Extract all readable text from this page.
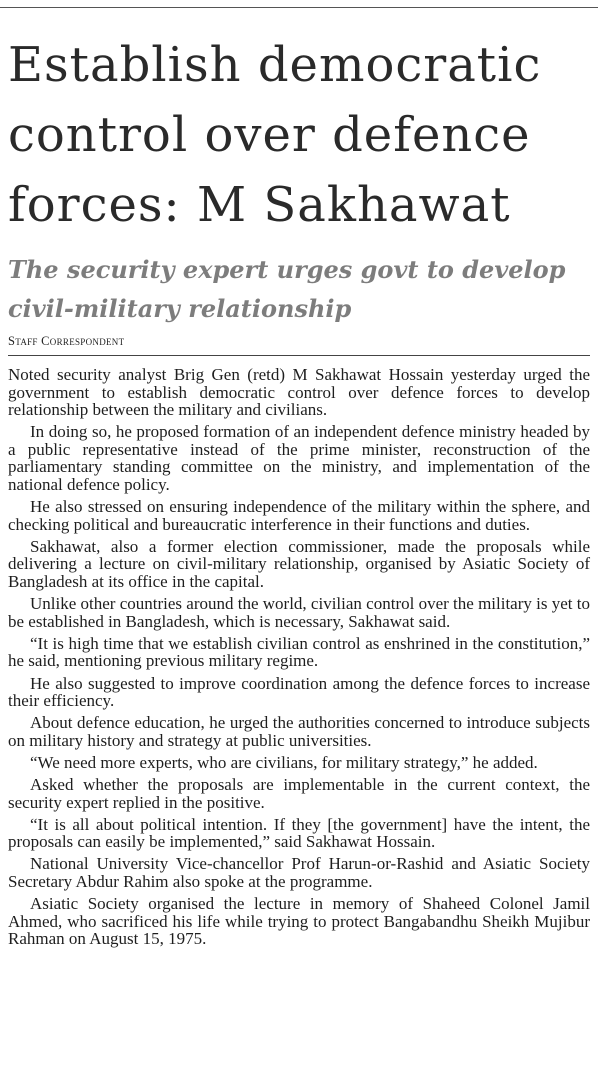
Establish democratic control over defence forces: M Sakhawat
The security expert urges govt to develop civil-military relationship
Staff Correspondent

Noted security analyst Brig Gen (retd) M Sakhawat Hossain yesterday urged the government to establish democratic control over defence forces to develop relationship between the military and civilians.

In doing so, he proposed formation of an independent defence ministry headed by a public representative instead of the prime minister, reconstruction of the parliamentary standing committee on the ministry, and implementation of the national defence policy.

He also stressed on ensuring independence of the military within the sphere, and checking political and bureaucratic interference in their functions and duties.

Sakhawat, also a former election commissioner, made the proposals while delivering a lecture on civil-military relationship, organised by Asiatic Society of Bangladesh at its office in the capital.

Unlike other countries around the world, civilian control over the military is yet to be established in Bangladesh, which is necessary, Sakhawat said.

“It is high time that we establish civilian control as enshrined in the constitution,” he said, mentioning previous military regime.

He also suggested to improve coordination among the defence forces to increase their efficiency.

About defence education, he urged the authorities concerned to introduce subjects on military history and strategy at public universities.

“We need more experts, who are civilians, for military strategy,” he added.

Asked whether the proposals are implementable in the current context, the security expert replied in the positive.

“It is all about political intention. If they [the government] have the intent, the proposals can easily be implemented,” said Sakhawat Hossain.

National University Vice-chancellor Prof Harun-or-Rashid and Asiatic Society Secretary Abdur Rahim also spoke at the programme.

Asiatic Society organised the lecture in memory of Shaheed Colonel Jamil Ahmed, who sacrificed his life while trying to protect Bangabandhu Sheikh Mujibur Rahman on August 15, 1975.
